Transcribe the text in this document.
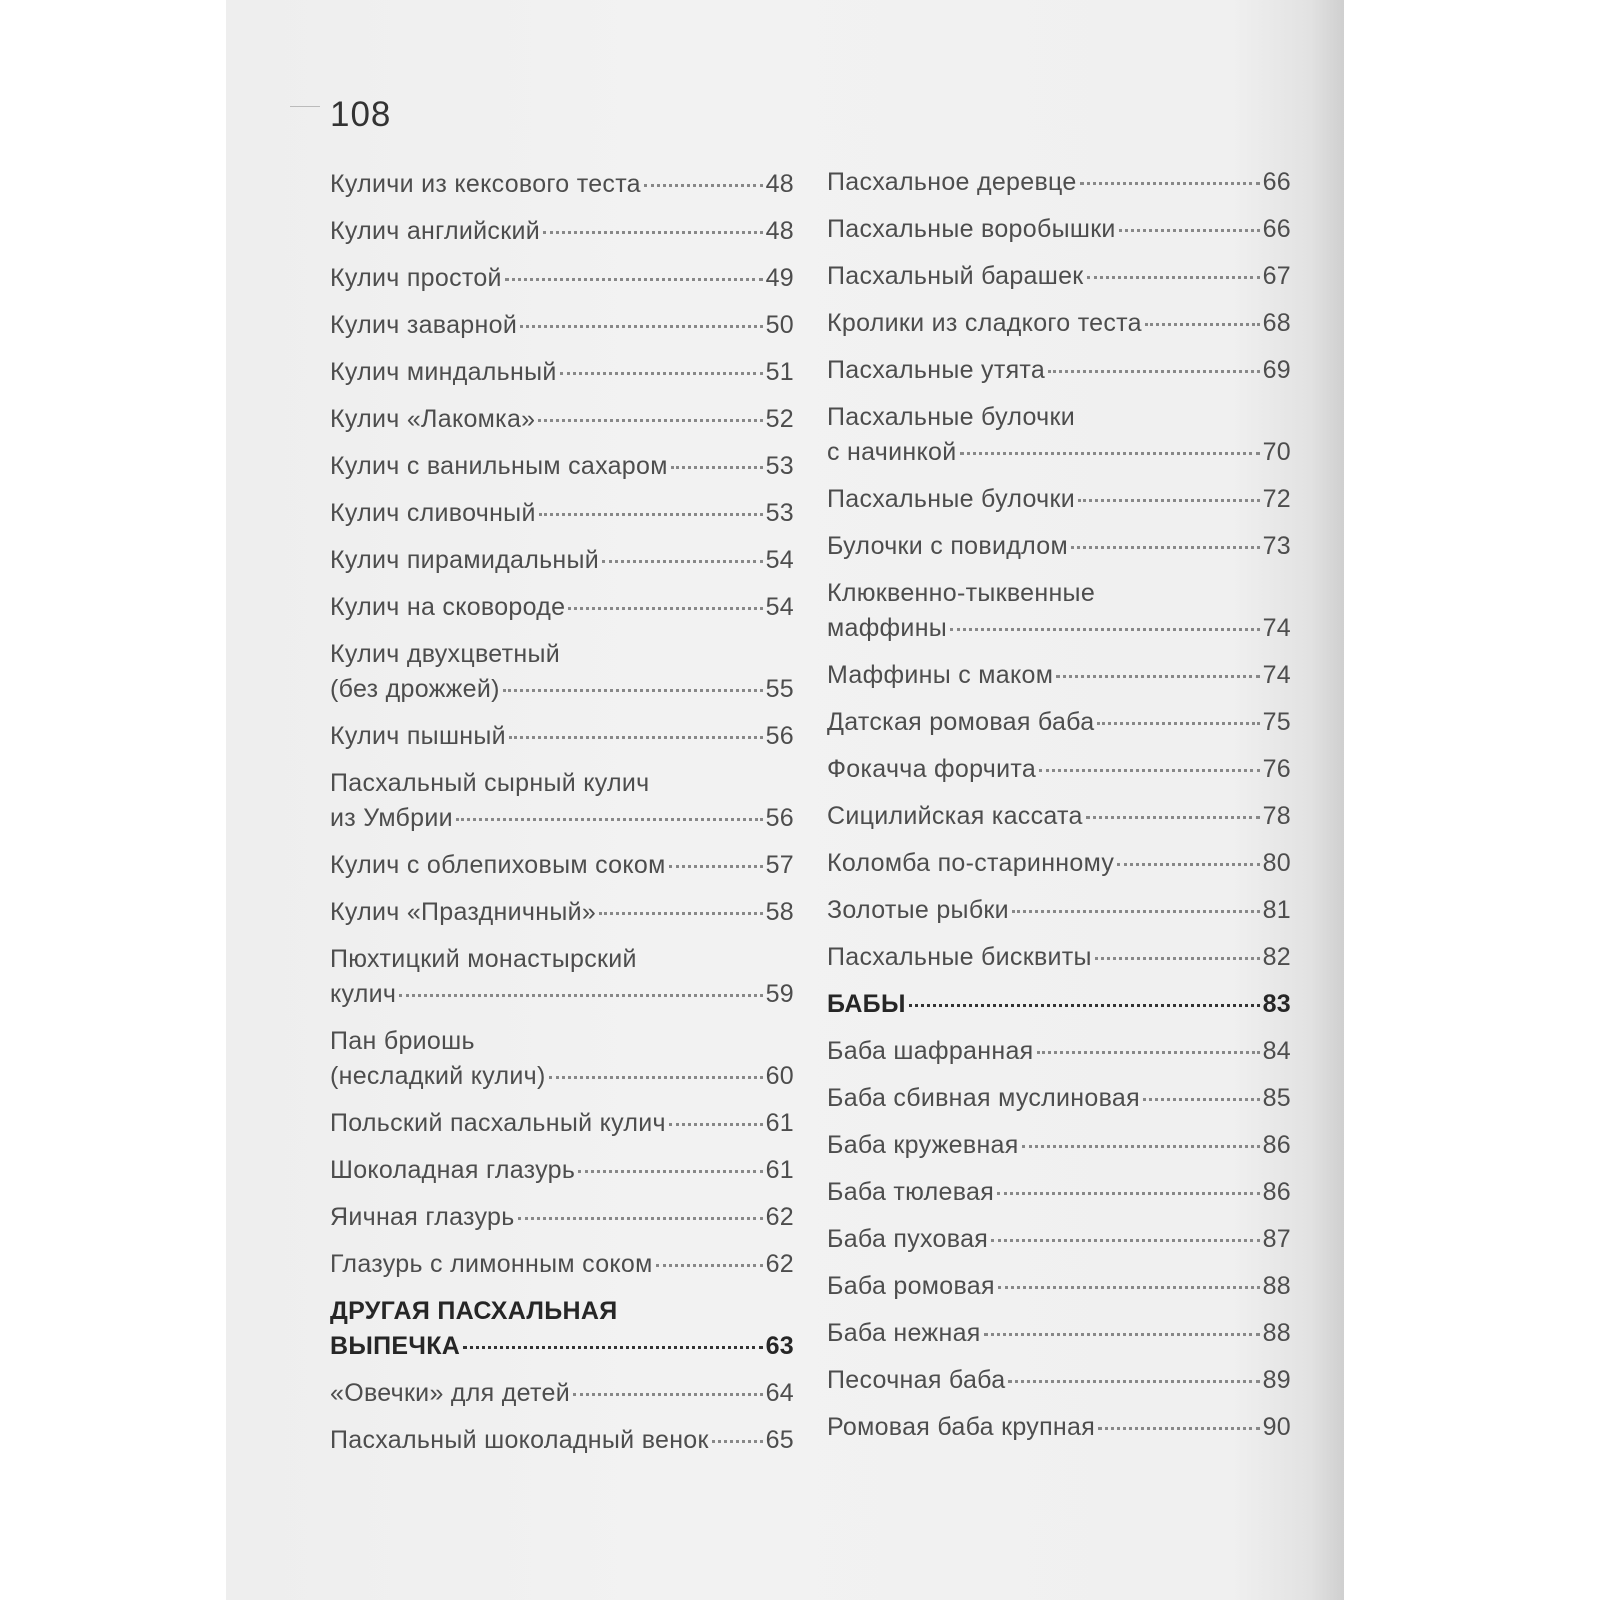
108
Куличи из кексового теста	48
Кулич английский	48
Кулич простой	49
Кулич заварной	50
Кулич миндальный	51
Кулич «Лакомка»	52
Кулич с ванильным сахаром	53
Кулич сливочный	53
Кулич пирамидальный	54
Кулич на сковороде	54
Кулич двухцветный
(без дрожжей)	55
Кулич пышный	56
Пасхальный сырный кулич
из Умбрии	56
Кулич с облепиховым соком	57
Кулич «Праздничный»	58
Пюхтицкий монастырский
кулич	59
Пан бриошь
(несладкий кулич)	60
Польский пасхальный кулич	61
Шоколадная глазурь	61
Яичная глазурь	62
Глазурь с лимонным соком	62
ДРУГАЯ ПАСХАЛЬНАЯ
ВЫПЕЧКА	63
«Овечки» для детей	64
Пасхальный шоколадный венок 65
Пасхальное деревце	66
Пасхальные воробышки	66
Пасхальный барашек	67
Кролики из сладкого теста	68
Пасхальные утята	69
Пасхальные булочки
с начинкой	70
Пасхальные булочки	72
Булочки с повидлом	73
Клюквенно-тыквенные
маффины	74
Маффины с маком	74
Датская ромовая баба	75
Фокачча форчита	76
Сицилийская кассата	78
Коломба по-старинному	80
Золотые рыбки	81
Пасхальные бисквиты	82
БАБЫ	83
Баба шафранная	84
Баба сбивная муслиновая	85
Баба кружевная	86
Баба тюлевая	86
Баба пуховая	87
Баба ромовая	88
Баба нежная	88
Песочная баба	89
Ромовая баба крупная	90
